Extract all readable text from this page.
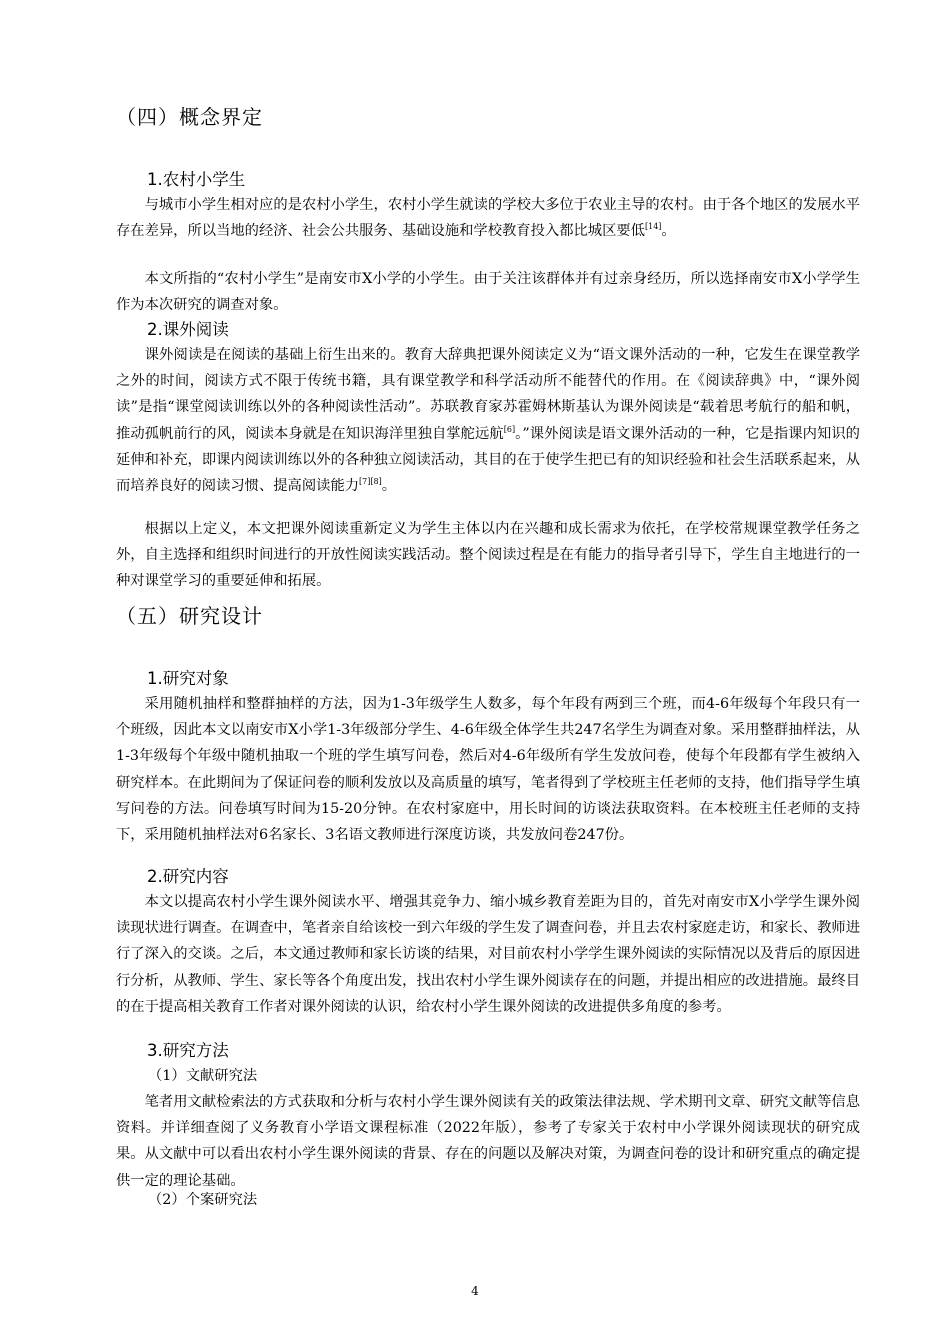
（四）概念界定
1.农村小学生

与城市小学生相对应的是农村小学生，农村小学生就读的学校大多位于农业主导的农村。由于各个地区的发展水平存在差异，所以当地的经济、社会公共服务、基础设施和学校教育投入都比城区要低[14]。

本文所指的“农村小学生”是南安市X小学的小学生。由于关注该群体并有过亲身经历，所以选择南安市X小学学生作为本次研究的调查对象。

2.课外阅读

课外阅读是在阅读的基础上衍生出来的。教育大辞典把课外阅读定义为“语文课外活动的一种，它发生在课堂教学之外的时间，阅读方式不限于传统书籍，具有课堂教学和科学活动所不能替代的作用。在《阅读辞典》中，“课外阅读”是指“课堂阅读训练以外的各种阅读性活动”。苏联教育家苏霍姆林斯基认为课外阅读是“载着思考航行的船和帆，推动孤帆前行的风，阅读本身就是在知识海洋里独自掌舵远航[6]。”课外阅读是语文课外活动的一种，它是指课内知识的延伸和补充，即课内阅读训练以外的各种独立阅读活动，其目的在于使学生把已有的知识经验和社会生活联系起来，从而培养良好的阅读习惯、提高阅读能力[7][8]。

根据以上定义，本文把课外阅读重新定义为学生主体以内在兴趣和成长需求为依托，在学校常规课堂教学任务之外，自主选择和组织时间进行的开放性阅读实践活动。整个阅读过程是在有能力的指导者引导下，学生自主地进行的一种对课堂学习的重要延伸和拓展。

（五）研究设计
1.研究对象

采用随机抽样和整群抽样的方法，因为1-3年级学生人数多，每个年段有两到三个班，而4-6年级每个年段只有一个班级，因此本文以南安市X小学1-3年级部分学生、4-6年级全体学生共247名学生为调查对象。采用整群抽样法，从1-3年级每个年级中随机抽取一个班的学生填写问卷，然后对4-6年级所有学生发放问卷，使每个年段都有学生被纳入研究样本。在此期间为了保证问卷的顺利发放以及高质量的填写，笔者得到了学校班主任老师的支持，他们指导学生填写问卷的方法。问卷填写时间为15-20分钟。在农村家庭中，用长时间的访谈法获取资料。在本校班主任老师的支持下，采用随机抽样法对6名家长、3名语文教师进行深度访谈，共发放问卷247份。

2.研究内容

本文以提高农村小学生课外阅读水平、增强其竞争力、缩小城乡教育差距为目的，首先对南安市X小学学生课外阅读现状进行调查。在调查中，笔者亲自给该校一到六年级的学生发了调查问卷，并且去农村家庭走访，和家长、教师进行了深入的交谈。之后，本文通过教师和家长访谈的结果，对目前农村小学学生课外阅读的实际情况以及背后的原因进行分析，从教师、学生、家长等各个角度出发，找出农村小学生课外阅读存在的问题，并提出相应的改进措施。最终目的在于提高相关教育工作者对课外阅读的认识，给农村小学生课外阅读的改进提供多角度的参考。

3.研究方法
（1）文献研究法

笔者用文献检索法的方式获取和分析与农村小学生课外阅读有关的政策法律法规、学术期刊文章、研究文献等信息资料。并详细查阅了义务教育小学语文课程标准（2022年版），参考了专家关于农村中小学课外阅读现状的研究成果。从文献中可以看出农村小学生课外阅读的背景、存在的问题以及解决对策，为调查问卷的设计和研究重点的确定提供一定的理论基础。

（2）个案研究法
4
